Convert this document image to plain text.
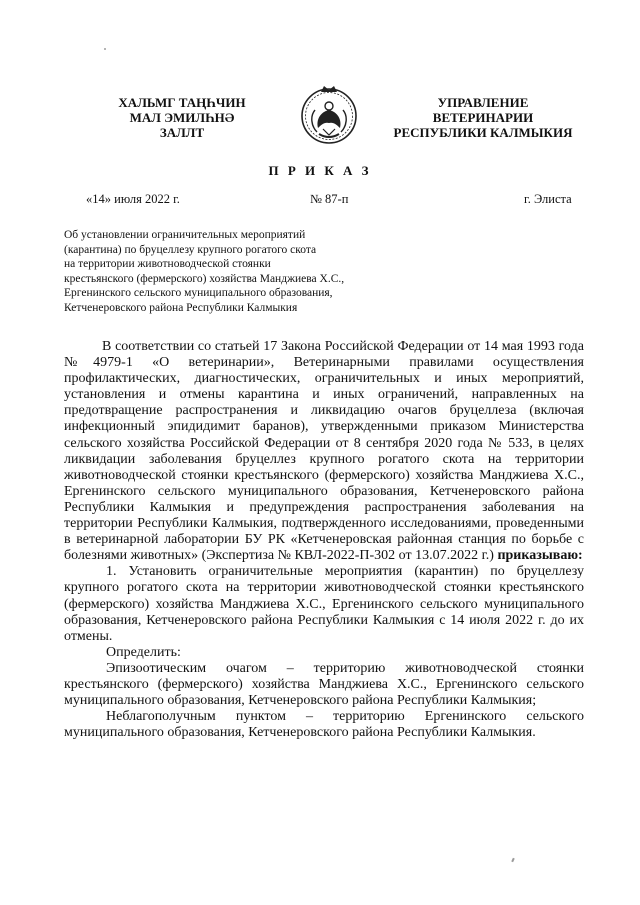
ХАЛЬМГ ТАҢҺЧИН
МАЛ ЭМИЛҺНӘ
ЗАЛЛТ
УПРАВЛЕНИЕ
ВЕТЕРИНАРИИ
РЕСПУБЛИКИ КАЛМЫКИЯ
П Р И К А З
«14» июля 2022 г.	№ 87-п	г. Элиста
Об установлении ограничительных мероприятий
(карантина) по бруцеллезу крупного рогатого скота
на территории животноводческой стоянки
крестьянского (фермерского) хозяйства Манджиева Х.С.,
Ергенинского сельского муниципального образования,
Кетченеровского района Республики Калмыкия

В соответствии со статьей 17 Закона Российской Федерации от 14 мая 1993 года №4979-1 «О ветеринарии», Ветеринарными правилами осуществления профилактических, диагностических, ограничительных и иных мероприятий, установления и отмены карантина и иных ограничений, направленных на предотвращение распространения и ликвидацию очагов бруцеллеза (включая инфекционный эпидидимит баранов), утвержденными приказом Министерства сельского хозяйства Российской Федерации от 8 сентября 2020 года № 533, в целях ликвидации заболевания бруцеллез крупного рогатого скота на территории животноводческой стоянки крестьянского (фермерского) хозяйства Манджиева Х.С., Ергенинского сельского муниципального образования, Кетченеровского района Республики Калмыкия и предупреждения распространения заболевания на территории Республики Калмыкия, подтвержденного исследованиями, проведенными в ветеринарной лаборатории БУ РК «Кетченеровская районная станция по борьбе с болезнями животных» (Экспертиза № КВЛ-2022-П-302 от 13.07.2022 г.) приказываю:

1. Установить ограничительные мероприятия (карантин) по бруцеллезу крупного рогатого скота на территории животноводческой стоянки крестьянского (фермерского) хозяйства Манджиева Х.С., Ергенинского сельского муниципального образования, Кетченеровского района Республики Калмыкия с 14 июля 2022 г. до их отмены.

Определить:

Эпизоотическим очагом – территорию животноводческой стоянки крестьянского (фермерского) хозяйства Манджиева Х.С., Ергенинского сельского муниципального образования, Кетченеровского района Республики Калмыкия;

Неблагополучным пунктом – территорию Ергенинского сельского муниципального образования, Кетченеровского района Республики Калмыкия.
